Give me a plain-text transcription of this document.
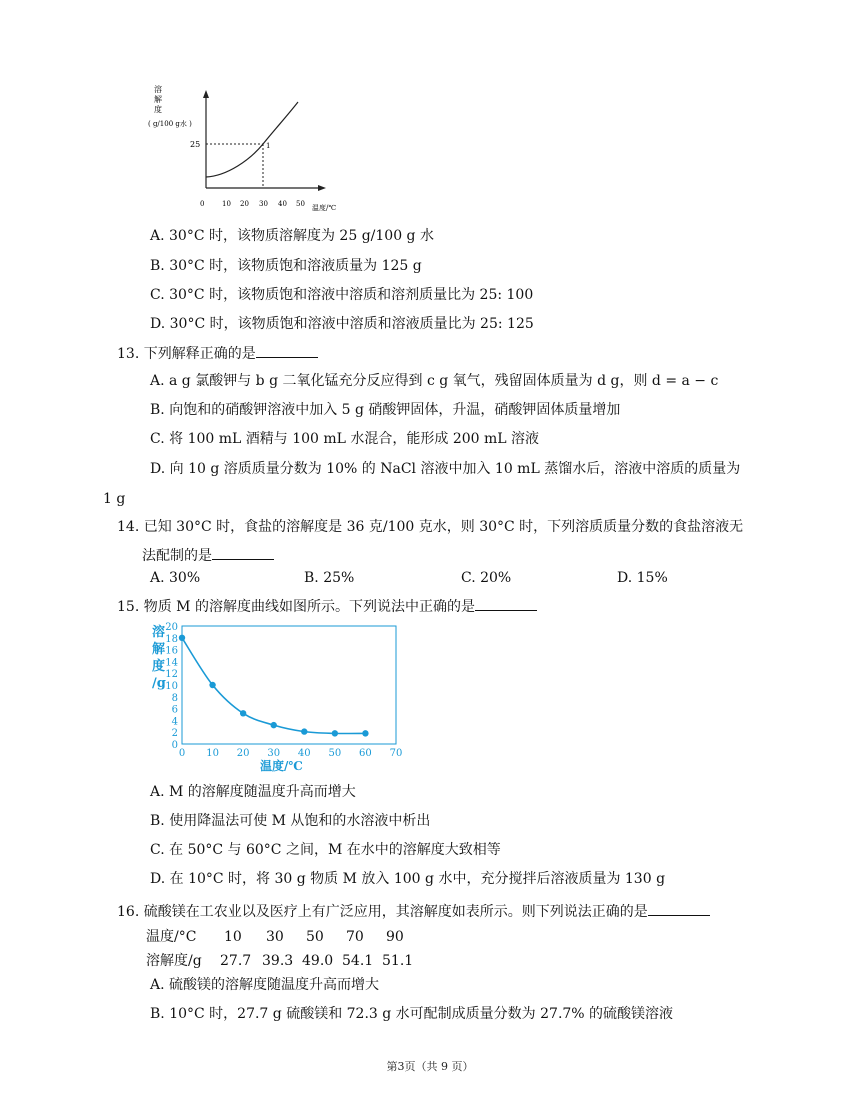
溶
解
度
( g/100 g水 )
25	1
0	10 20 30 40 50 温度/℃
A. 30°C 时，该物质溶解度为 25 g/100 g 水
B. 30°C 时，该物质饱和溶液质量为 125 g
C. 30°C 时，该物质饱和溶液中溶质和溶剂质量比为 25: 100
D. 30°C 时，该物质饱和溶液中溶质和溶液质量比为 25: 125
13. 下列解释正确的是
A. a g 氯酸钾与 b g 二氧化锰充分反应得到 c g 氧气，残留固体质量为 d g，则 d = a − c
B. 向饱和的硝酸钾溶液中加入 5 g 硝酸钾固体，升温，硝酸钾固体质量增加
C. 将 100 mL 酒精与 100 mL 水混合，能形成 200 mL 溶液
D. 向 10 g 溶质质量分数为 10% 的 NaCl 溶液中加入 10 mL 蒸馏水后，溶液中溶质的质量为
1 g
14. 已知 30°C 时，食盐的溶解度是 36 克/100 克水，则 30°C 时，下列溶质质量分数的食盐溶液无
法配制的是
A. 30%	B. 25%	C. 20%	D. 15%
15. 物质 M 的溶解度曲线如图所示。下列说法中正确的是
溶
解
度
/g
0
2
4
6
8
10
12
14
16
18
20
0 10 20 30 40 50 60 70
温度/℃
A. M 的溶解度随温度升高而增大
B. 使用降温法可使 M 从饱和的水溶液中析出
C. 在 50°C 与 60°C 之间，M 在水中的溶解度大致相等
D. 在 10°C 时，将 30 g 物质 M 放入 100 g 水中，充分搅拌后溶液质量为 130 g
16. 硫酸镁在工农业以及医疗上有广泛应用，其溶解度如表所示。则下列说法正确的是
温度/°C 10 30 50 70 90
溶解度/g 27.7 39.3 49.0 54.1 51.1
A. 硫酸镁的溶解度随温度升高而增大
B. 10°C 时，27.7 g 硫酸镁和 72.3 g 水可配制成质量分数为 27.7% 的硫酸镁溶液
第3页（共 9 页）
